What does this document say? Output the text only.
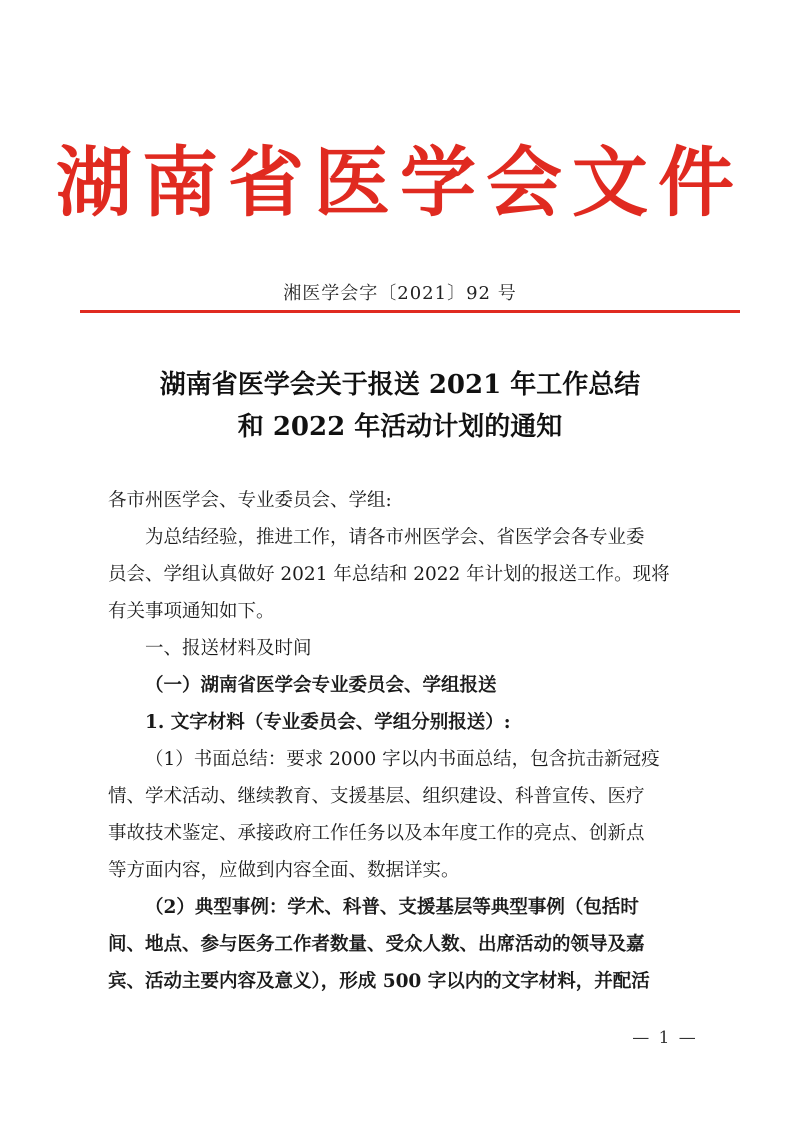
湖南省医学会文件
湘医学会字〔2021〕92 号
湖南省医学会关于报送 2021 年工作总结
和 2022 年活动计划的通知

各市州医学会、专业委员会、学组:

为总结经验，推进工作，请各市州医学会、省医学会各专业委

员会、学组认真做好 2021 年总结和 2022 年计划的报送工作。现将

有关事项通知如下。

一、报送材料及时间

（一）湖南省医学会专业委员会、学组报送

1. 文字材料（专业委员会、学组分别报送）:

（1）书面总结：要求 2000 字以内书面总结，包含抗击新冠疫

情、学术活动、继续教育、支援基层、组织建设、科普宣传、医疗

事故技术鉴定、承接政府工作任务以及本年度工作的亮点、创新点

等方面内容，应做到内容全面、数据详实。

（2）典型事例：学术、科普、支援基层等典型事例（包括时

间、地点、参与医务工作者数量、受众人数、出席活动的领导及嘉

宾、活动主要内容及意义），形成 500 字以内的文字材料，并配活

— 1 —
